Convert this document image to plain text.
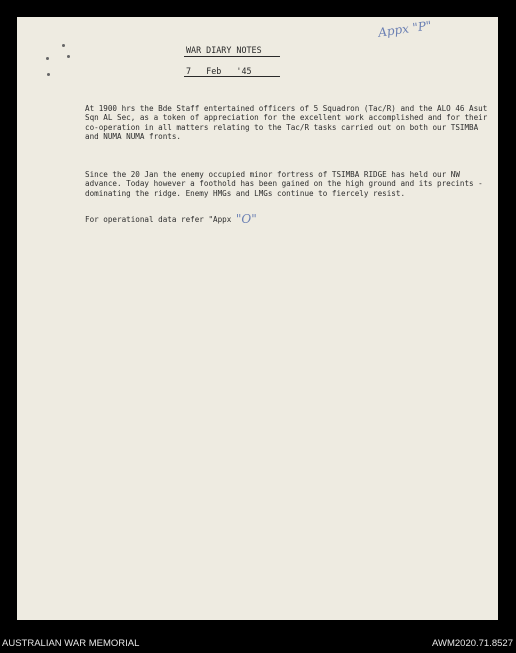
Appx "P"
WAR DIARY NOTES
7   Feb   '45

At 1900 hrs the Bde Staff entertained officers of 5 Squadron (Tac/R) and the ALO 46 Asut Sqn AL Sec, as a token of appreciation for the excellent work accomplished and for their co-operation in all matters relating to the Tac/R tasks carried out on both our TSIMBA and NUMA NUMA fronts.

Since the 20 Jan the enemy occupied minor fortress of TSIMBA RIDGE has held our NW advance. Today however a foothold has been gained on the high ground and its precints - dominating the ridge. Enemy HMGs and LMGs continue to fiercely resist.

For operational data refer "Appx "O"

AUSTRALIAN WAR MEMORIAL	AWM2020.71.8527
